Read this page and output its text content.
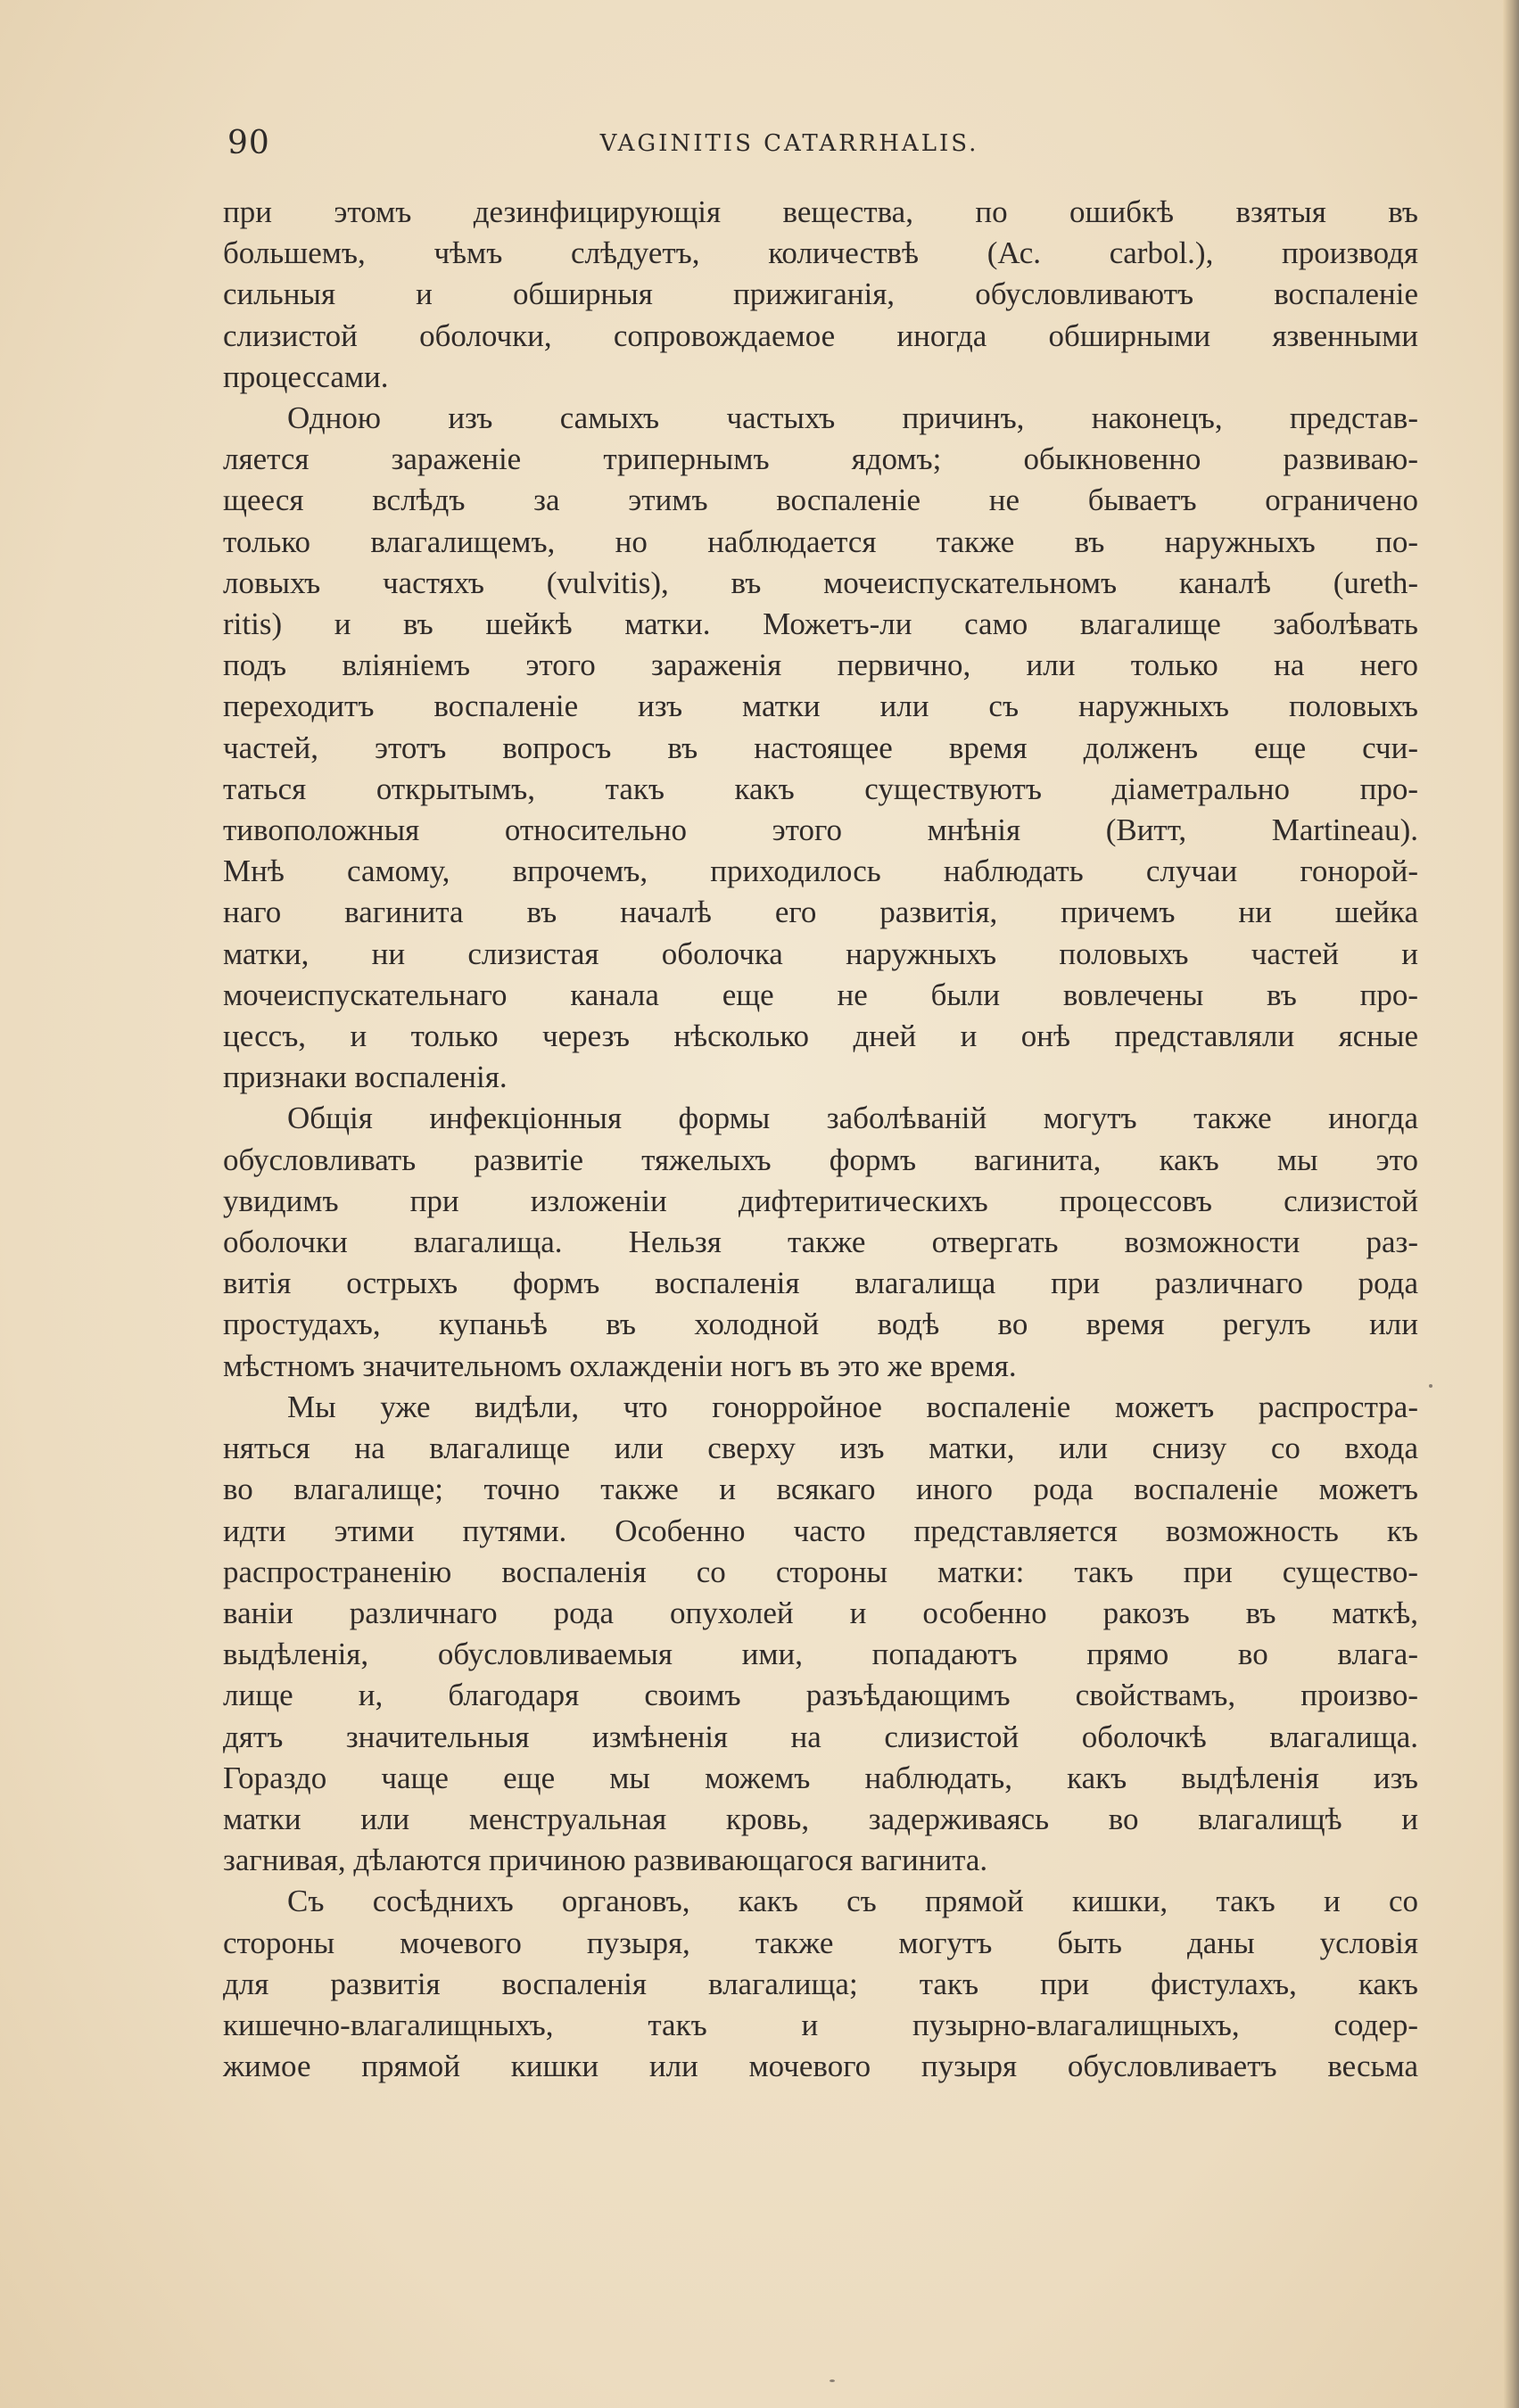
90	VAGINITIS CATARRHALIS.
при этомъ дезинфицирующія вещества, по ошибкѣ взятыя въ
большемъ, чѣмъ слѣдуетъ, количествѣ (Ас. carbol.), производя
сильныя и обширныя прижиганія, обусловливаютъ воспаленіе
слизистой оболочки, сопровождаемое иногда обширными язвенными
процессами.
Одною изъ самыхъ частыхъ причинъ, наконецъ, представ-
ляется зараженіе трипернымъ ядомъ; обыкновенно развиваю-
щееся вслѣдъ за этимъ воспаленіе не бываетъ ограничено
только влагалищемъ, но наблюдается также въ наружныхъ по-
ловыхъ частяхъ (vulvitis), въ мочеиспускательномъ каналѣ (ureth-
ritis) и въ шейкѣ матки. Можетъ-ли само влагалище заболѣвать
подъ вліяніемъ этого зараженія первично, или только на него
переходитъ воспаленіе изъ матки или съ наружныхъ половыхъ
частей, этотъ вопросъ въ настоящее время долженъ еще счи-
таться открытымъ, такъ какъ существуютъ діаметрально про-
тивоположныя относительно этого мнѣнія (Витт, Martineau).
Мнѣ самому, впрочемъ, приходилось наблюдать случаи гонорой-
наго вагинита въ началѣ его развитія, причемъ ни шейка
матки, ни слизистая оболочка наружныхъ половыхъ частей и
мочеиспускательнаго канала еще не были вовлечены въ про-
цессъ, и только черезъ нѣсколько дней и онѣ представляли ясные
признаки воспаленія.
Общія инфекціонныя формы заболѣваній могутъ также иногда
обусловливать развитіе тяжелыхъ формъ вагинита, какъ мы это
увидимъ при изложеніи дифтеритическихъ процессовъ слизистой
оболочки влагалища. Нельзя также отвергать возможности раз-
витія острыхъ формъ воспаленія влагалища при различнаго рода
простудахъ, купаньѣ въ холодной водѣ во время регулъ или
мѣстномъ значительномъ охлажденіи ногъ въ это же время.
Мы уже видѣли, что гонорройное воспаленіе можетъ распростра-
няться на влагалище или сверху изъ матки, или снизу со входа
во влагалище; точно также и всякаго иного рода воспаленіе можетъ
идти этими путями. Особенно часто представляется возможность къ
распространенію воспаленія со стороны матки: такъ при существо-
ваніи различнаго рода опухолей и особенно ракозъ въ маткѣ,
выдѣленія, обусловливаемыя ими, попадаютъ прямо во влага-
лище и, благодаря своимъ разъѣдающимъ свойствамъ, произво-
дятъ значительныя измѣненія на слизистой оболочкѣ влагалища.
Гораздо чаще еще мы можемъ наблюдать, какъ выдѣленія изъ
матки или менструальная кровь, задерживаясь во влагалищѣ и
загнивая, дѣлаются причиною развивающагося вагинита.
Съ сосѣднихъ органовъ, какъ съ прямой кишки, такъ и со
стороны мочевого пузыря, также могутъ быть даны условія
для развитія воспаленія влагалища; такъ при фистулахъ, какъ
кишечно-влагалищныхъ, такъ и пузырно-влагалищныхъ, содер-
жимое прямой кишки или мочевого пузыря обусловливаетъ весьма
